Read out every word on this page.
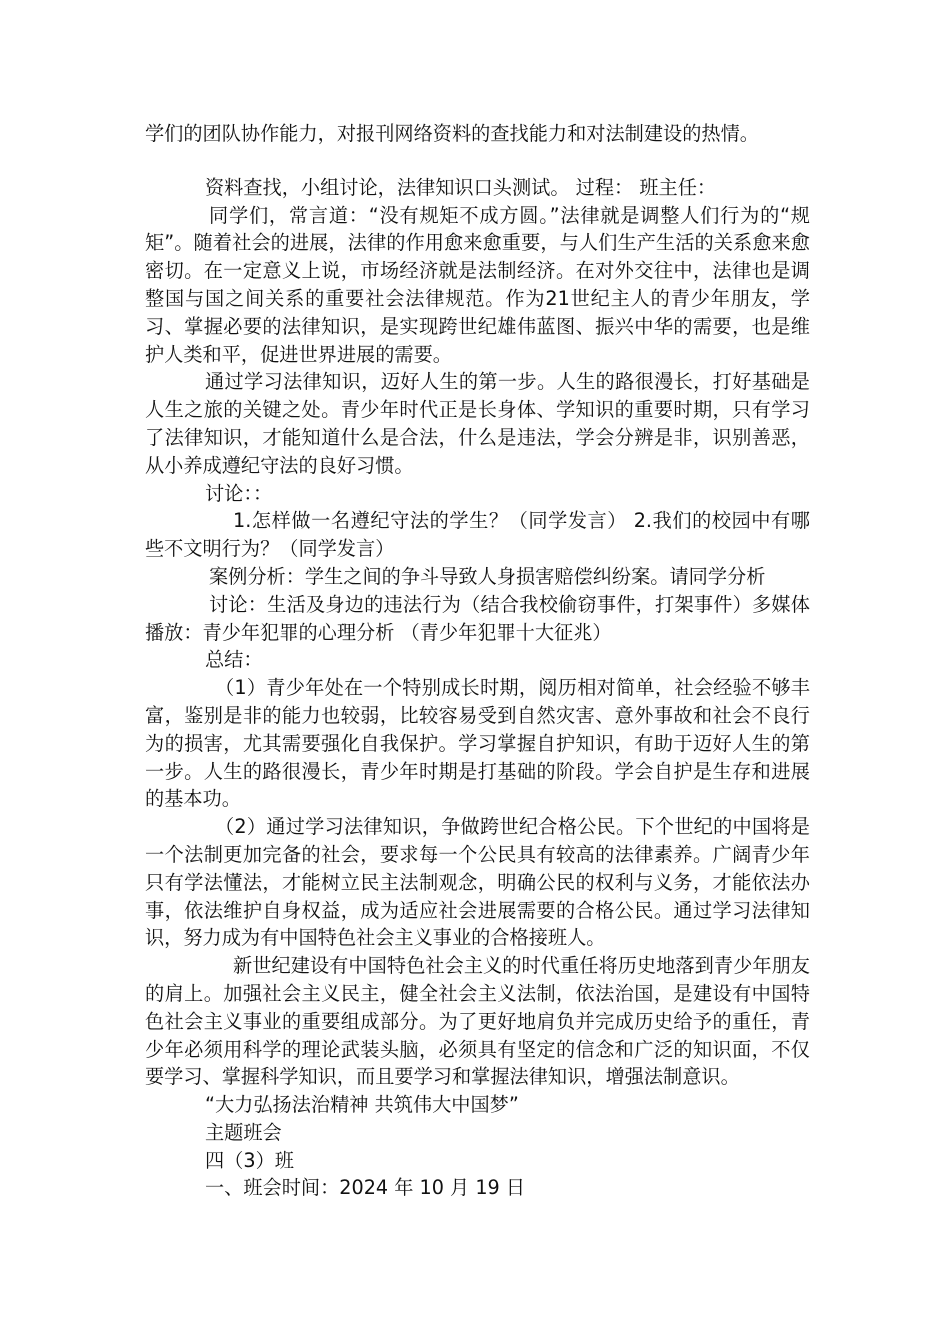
学们的团队协作能力，对报刊网络资料的查找能力和对法制建设的热情。

资料查找，小组讨论，法律知识口头测试。 过程： 班主任：

同学们，常言道：“没有规矩不成方圆。”法律就是调整人们行为的“规矩”。随着社会的进展，法律的作用愈来愈重要，与人们生产生活的关系愈来愈密切。在一定意义上说，市场经济就是法制经济。在对外交往中，法律也是调整国与国之间关系的重要社会法律规范。作为21世纪主人的青少年朋友，学习、掌握必要的法律知识，是实现跨世纪雄伟蓝图、振兴中华的需要，也是维护人类和平，促进世界进展的需要。

通过学习法律知识，迈好人生的第一步。人生的路很漫长，打好基础是人生之旅的关键之处。青少年时代正是长身体、学知识的重要时期，只有学习了法律知识，才能知道什么是合法，什么是违法，学会分辨是非，识别善恶，从小养成遵纪守法的良好习惯。

讨论：：

1.怎样做一名遵纪守法的学生？（同学发言） 2.我们的校园中有哪些不文明行为？（同学发言）

案例分析：学生之间的争斗导致人身损害赔偿纠纷案。请同学分析

讨论：生活及身边的违法行为（结合我校偷窃事件，打架事件）多媒体播放：青少年犯罪的心理分析 （青少年犯罪十大征兆）

总结：

（1）青少年处在一个特别成长时期，阅历相对简单，社会经验不够丰富，鉴别是非的能力也较弱，比较容易受到自然灾害、意外事故和社会不良行为的损害，尤其需要强化自我保护。学习掌握自护知识，有助于迈好人生的第一步。人生的路很漫长，青少年时期是打基础的阶段。学会自护是生存和进展的基本功。

（2）通过学习法律知识，争做跨世纪合格公民。下个世纪的中国将是一个法制更加完备的社会，要求每一个公民具有较高的法律素养。广阔青少年只有学法懂法，才能树立民主法制观念，明确公民的权利与义务，才能依法办事，依法维护自身权益，成为适应社会进展需要的合格公民。通过学习法律知识，努力成为有中国特色社会主义事业的合格接班人。

新世纪建设有中国特色社会主义的时代重任将历史地落到青少年朋友的肩上。加强社会主义民主，健全社会主义法制，依法治国，是建设有中国特色社会主义事业的重要组成部分。为了更好地肩负并完成历史给予的重任，青少年必须用科学的理论武装头脑，必须具有坚定的信念和广泛的知识面，不仅要学习、掌握科学知识，而且要学习和掌握法律知识，增强法制意识。

“大力弘扬法治精神 共筑伟大中国梦”

主题班会

四（3）班

一、班会时间：2024 年 10 月 19 日
